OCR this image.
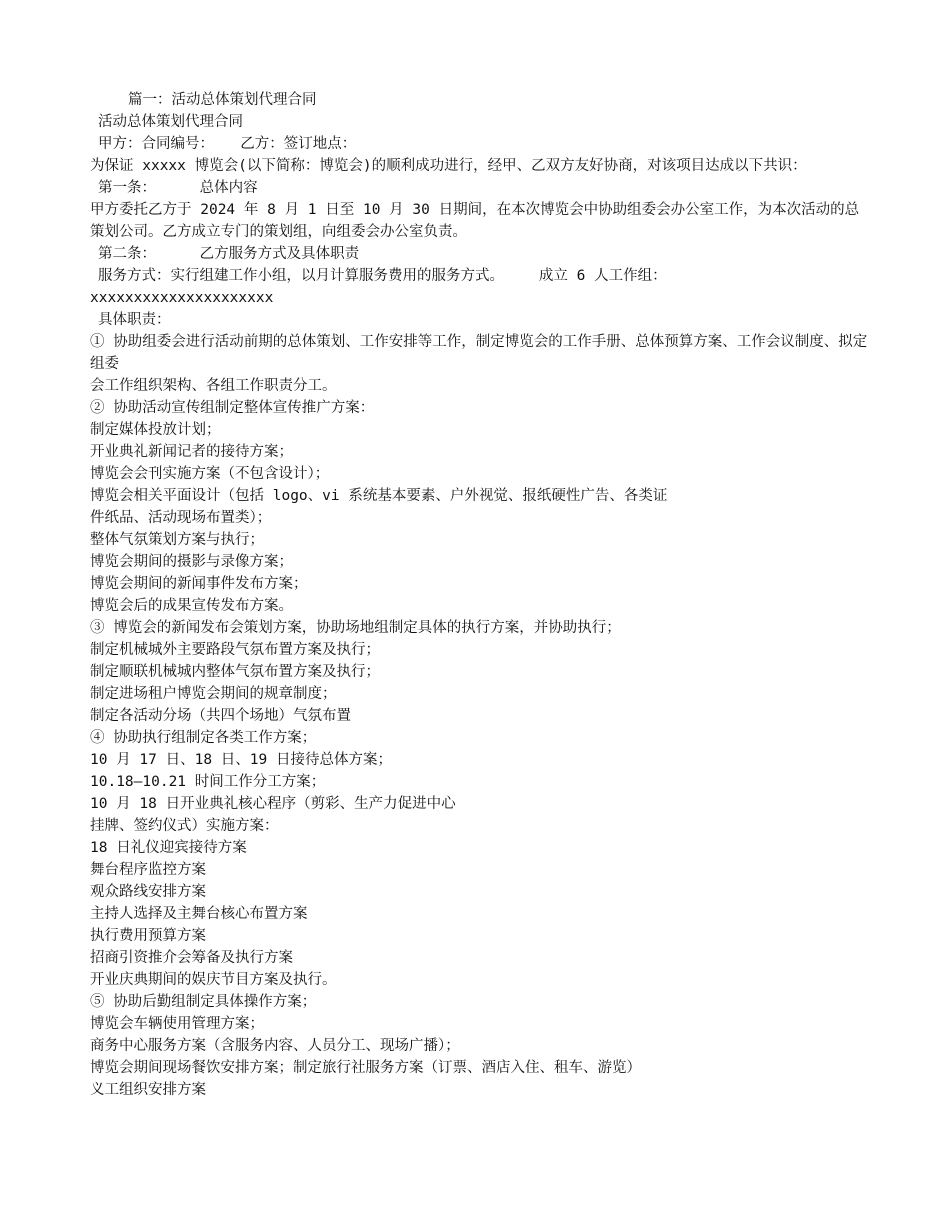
篇一：活动总体策划代理合同

活动总体策划代理合同

甲方：合同编号：   乙方：签订地点：

为保证 xxxxx 博览会(以下简称：博览会)的顺利成功进行，经甲、乙双方友好协商，对该项目达成以下共识：

第一条：     总体内容

甲方委托乙方于 2024 年 8 月 1 日至 10 月 30 日期间，在本次博览会中协助组委会办公室工作，为本次活动的总策划公司。乙方成立专门的策划组，向组委会办公室负责。

第二条：     乙方服务方式及具体职责

服务方式：实行组建工作小组，以月计算服务费用的服务方式。    成立 6 人工作组：

xxxxxxxxxxxxxxxxxxxxx

具体职责：

① 协助组委会进行活动前期的总体策划、工作安排等工作，制定博览会的工作手册、总体预算方案、工作会议制度、拟定组委

会工作组织架构、各组工作职责分工。

② 协助活动宣传组制定整体宣传推广方案：

制定媒体投放计划；

开业典礼新闻记者的接待方案；

博览会会刊实施方案（不包含设计）；

博览会相关平面设计（包括 logo、vi 系统基本要素、户外视觉、报纸硬性广告、各类证

件纸品、活动现场布置类）；

整体气氛策划方案与执行；

博览会期间的摄影与录像方案；

博览会期间的新闻事件发布方案；

博览会后的成果宣传发布方案。

③ 博览会的新闻发布会策划方案，协助场地组制定具体的执行方案，并协助执行；

制定机械城外主要路段气氛布置方案及执行；

制定顺联机械城内整体气氛布置方案及执行；

制定进场租户博览会期间的规章制度；

制定各活动分场（共四个场地）气氛布置

④ 协助执行组制定各类工作方案；

10 月 17 日、18 日、19 日接待总体方案；

10.18—10.21 时间工作分工方案；

10 月 18 日开业典礼核心程序（剪彩、生产力促进中心

挂牌、签约仪式）实施方案：

18 日礼仪迎宾接待方案

舞台程序监控方案

观众路线安排方案

主持人选择及主舞台核心布置方案

执行费用预算方案

招商引资推介会筹备及执行方案

开业庆典期间的娱庆节目方案及执行。

⑤ 协助后勤组制定具体操作方案；

博览会车辆使用管理方案；

商务中心服务方案（含服务内容、人员分工、现场广播）；

博览会期间现场餐饮安排方案；制定旅行社服务方案（订票、酒店入住、租车、游览）

义工组织安排方案
